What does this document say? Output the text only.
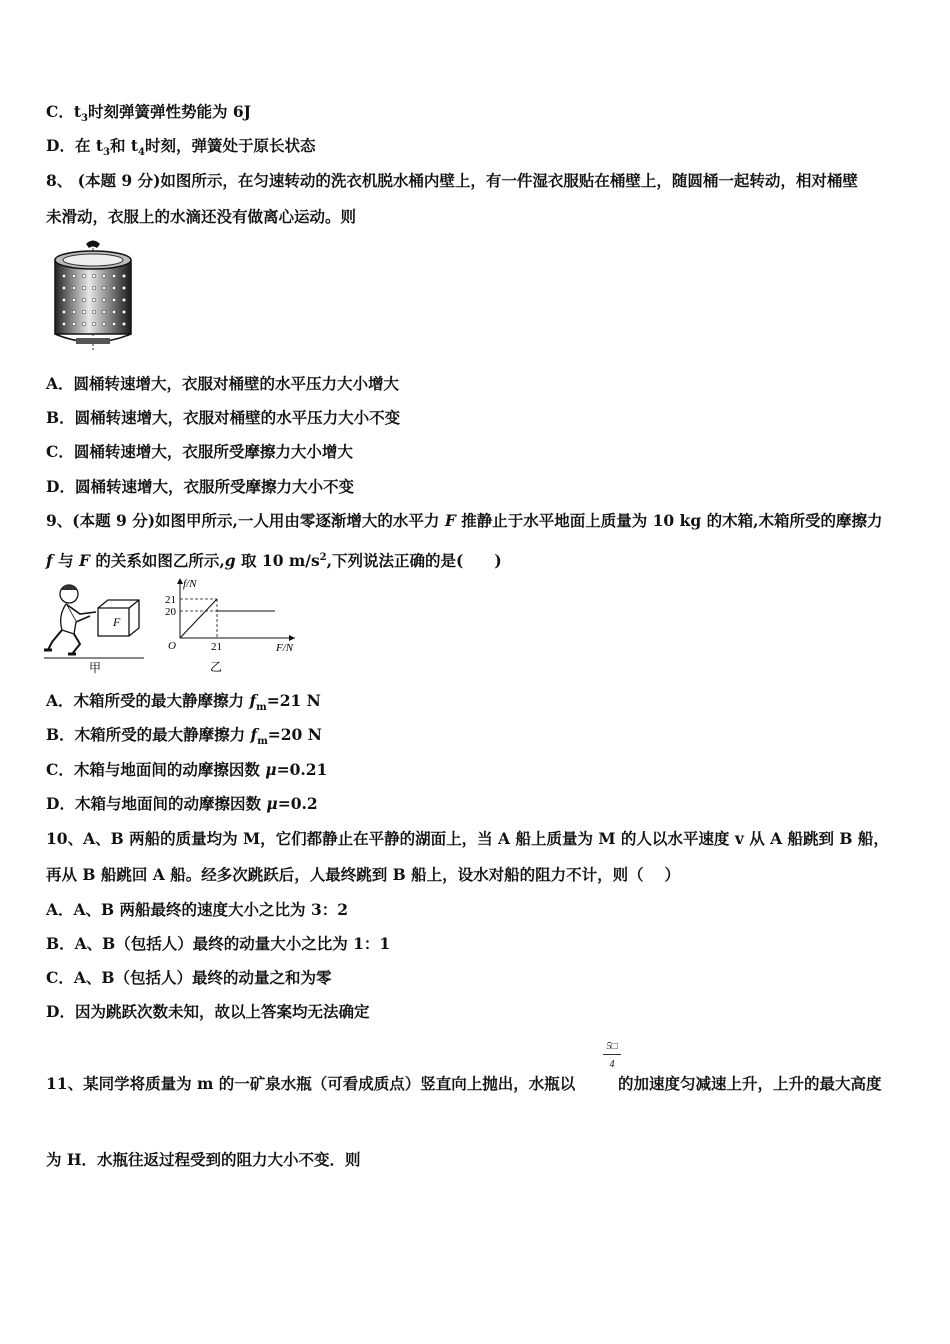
C．$t_3$时刻弹簧弹性势能为 6J
D．在 $t_3$和 $t_4$时刻，弹簧处于原长状态
8、 (本题 9 分)如图所示，在匀速转动的洗衣机脱水桶内壁上，有一件湿衣服贴在桶壁上，随圆桶一起转动，相对桶壁
未滑动，衣服上的水滴还没有做离心运动。则
A．圆桶转速增大，衣服对桶壁的水平压力大小增大
B．圆桶转速增大，衣服对桶壁的水平压力大小不变
C．圆桶转速增大，衣服所受摩擦力大小增大
D．圆桶转速增大，衣服所受摩擦力大小不变
9、(本题 9 分)如图甲所示,一人用由零逐渐增大的水平力 F 推静止于水平地面上质量为 10 kg 的木箱,木箱所受的摩擦力
f 与 F 的关系如图乙所示,g 取 10 $m/s^2$,下列说法正确的是(　　)
F
甲
f/N
21
20
O	21	F/N
乙
A．木箱所受的最大静摩擦力 $f_m=21$ N
B．木箱所受的最大静摩擦力 $f_m=20$ N
C．木箱与地面间的动摩擦因数 μ=0.21
D．木箱与地面间的动摩擦因数 μ=0.2
10、A、B 两船的质量均为 M，它们都静止在平静的湖面上，当 A 船上质量为 M 的人以水平速度 v 从 A 船跳到 B 船，
再从 B 船跳回 A 船。经多次跳跃后，人最终跳到 B 船上，设水对船的阻力不计，则（　 ）
A．A、B 两船最终的速度大小之比为 3：2
B．A、B（包括人）最终的动量大小之比为 1：1
C．A、B（包括人）最终的动量之和为零
D．因为跳跃次数未知，故以上答案均无法确定
11、某同学将质量为 m 的一矿泉水瓶（可看成质点）竖直向上抛出，水瓶以
5□
4
的加速度匀减速上升，上升的最大高度
为 H．水瓶往返过程受到的阻力大小不变．则
